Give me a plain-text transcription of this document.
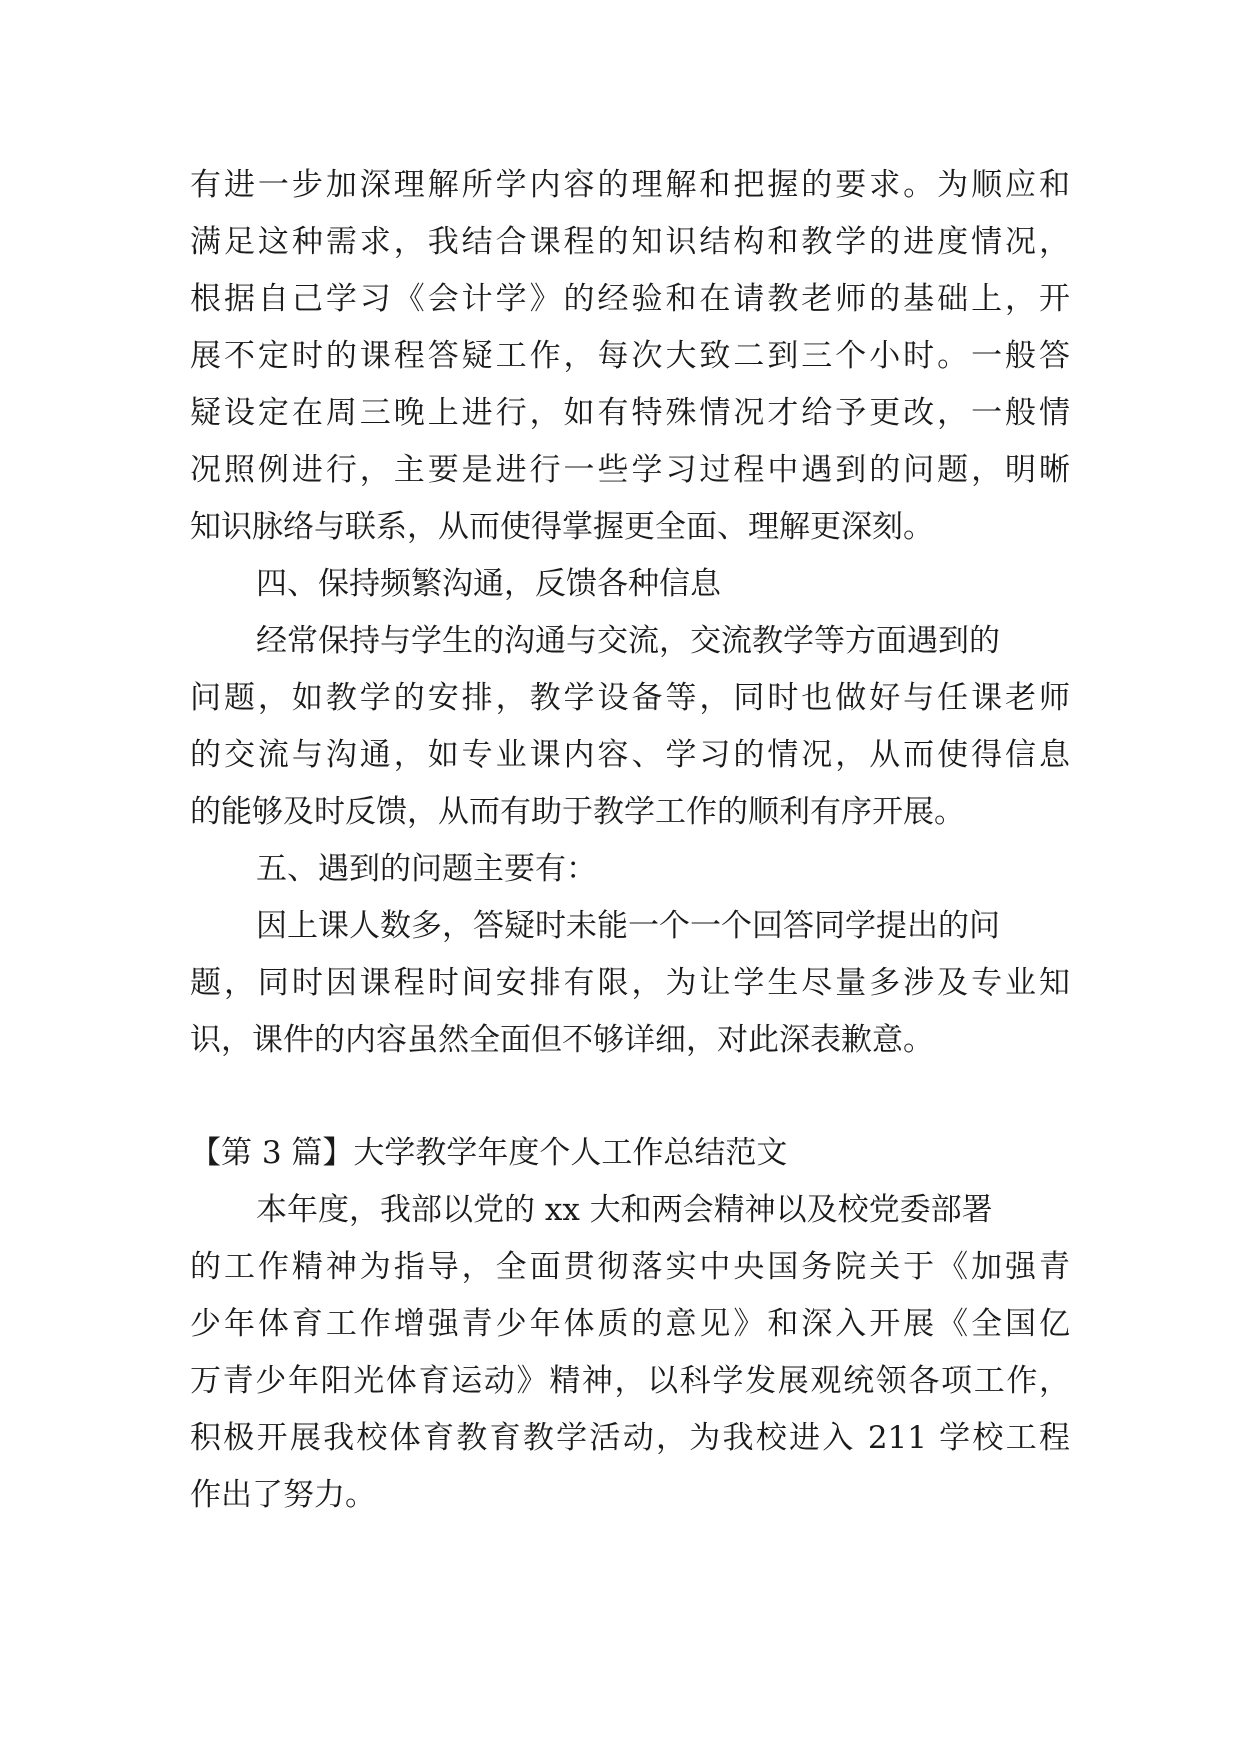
有进一步加深理解所学内容的理解和把握的要求。为顺应和
满足这种需求，我结合课程的知识结构和教学的进度情况，
根据自己学习《会计学》的经验和在请教老师的基础上，开
展不定时的课程答疑工作，每次大致二到三个小时。一般答
疑设定在周三晚上进行，如有特殊情况才给予更改，一般情
况照例进行，主要是进行一些学习过程中遇到的问题，明晰
知识脉络与联系，从而使得掌握更全面、理解更深刻。
四、保持频繁沟通，反馈各种信息
经常保持与学生的沟通与交流，交流教学等方面遇到的
问题，如教学的安排，教学设备等，同时也做好与任课老师
的交流与沟通，如专业课内容、学习的情况，从而使得信息
的能够及时反馈，从而有助于教学工作的顺利有序开展。
五、遇到的问题主要有：
因上课人数多，答疑时未能一个一个回答同学提出的问
题，同时因课程时间安排有限，为让学生尽量多涉及专业知
识，课件的内容虽然全面但不够详细，对此深表歉意。
【第 3 篇】大学教学年度个人工作总结范文
本年度，我部以党的 xx 大和两会精神以及校党委部署
的工作精神为指导，全面贯彻落实中央国务院关于《加强青
少年体育工作增强青少年体质的意见》和深入开展《全国亿
万青少年阳光体育运动》精神，以科学发展观统领各项工作，
积极开展我校体育教育教学活动，为我校进入 211 学校工程
作出了努力。
